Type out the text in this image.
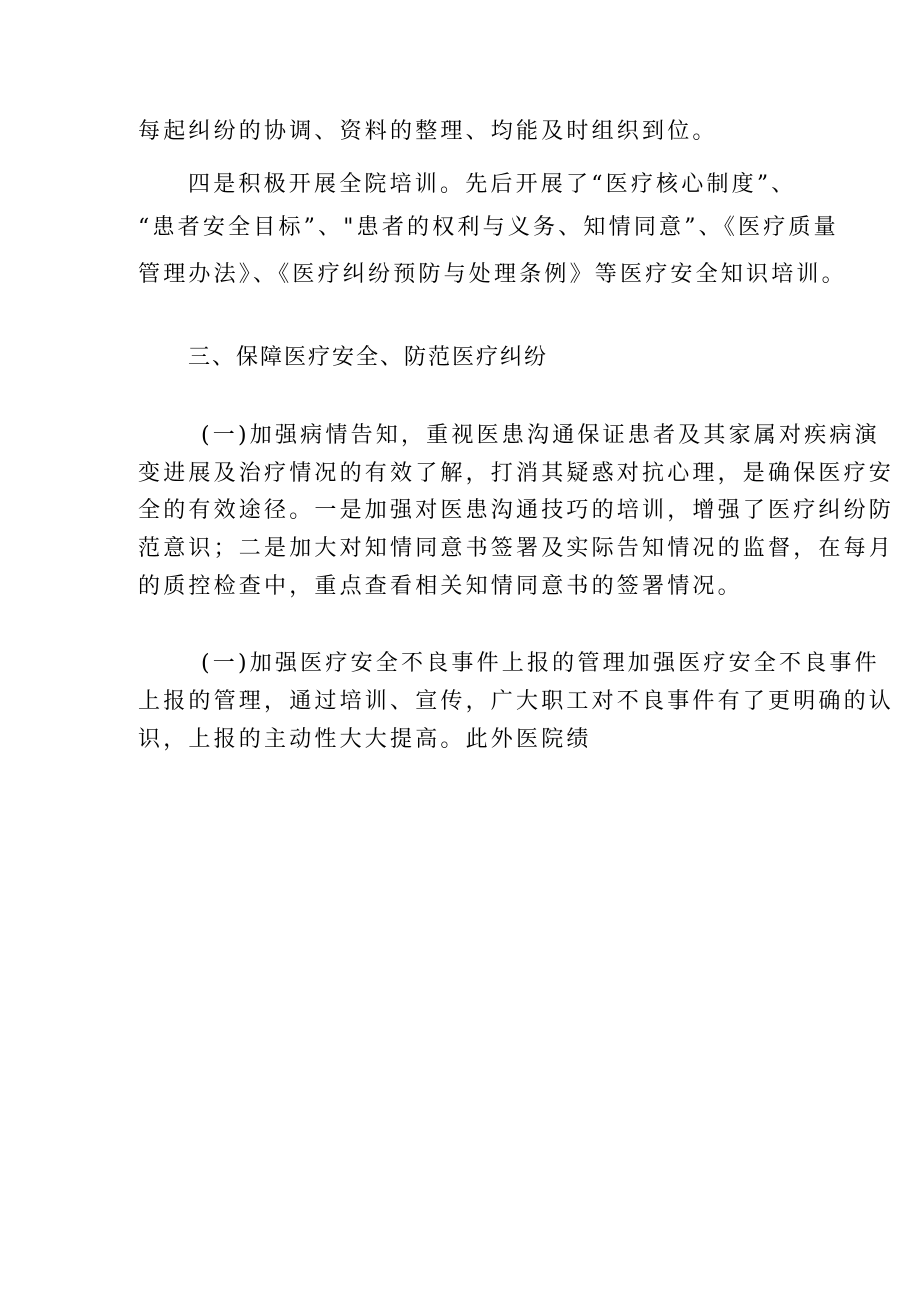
每起纠纷的协调、资料的整理、均能及时组织到位。
四是积极开展全院培训。先后开展了“医疗核心制度”、
“患者安全目标”、"患者的权利与义务、知情同意”、《医疗质量
管理办法》、《医疗纠纷预防与处理条例》等医疗安全知识培训。
三、保障医疗安全、防范医疗纠纷
(一)加强病情告知，重视医患沟通保证患者及其家属对疾病演
变进展及治疗情况的有效了解，打消其疑惑对抗心理，是确保医疗安
全的有效途径。一是加强对医患沟通技巧的培训，增强了医疗纠纷防
范意识；二是加大对知情同意书签署及实际告知情况的监督，在每月
的质控检查中，重点查看相关知情同意书的签署情况。
(一)加强医疗安全不良事件上报的管理加强医疗安全不良事件
上报的管理，通过培训、宣传，广大职工对不良事件有了更明确的认
识，上报的主动性大大提高。此外医院绩
